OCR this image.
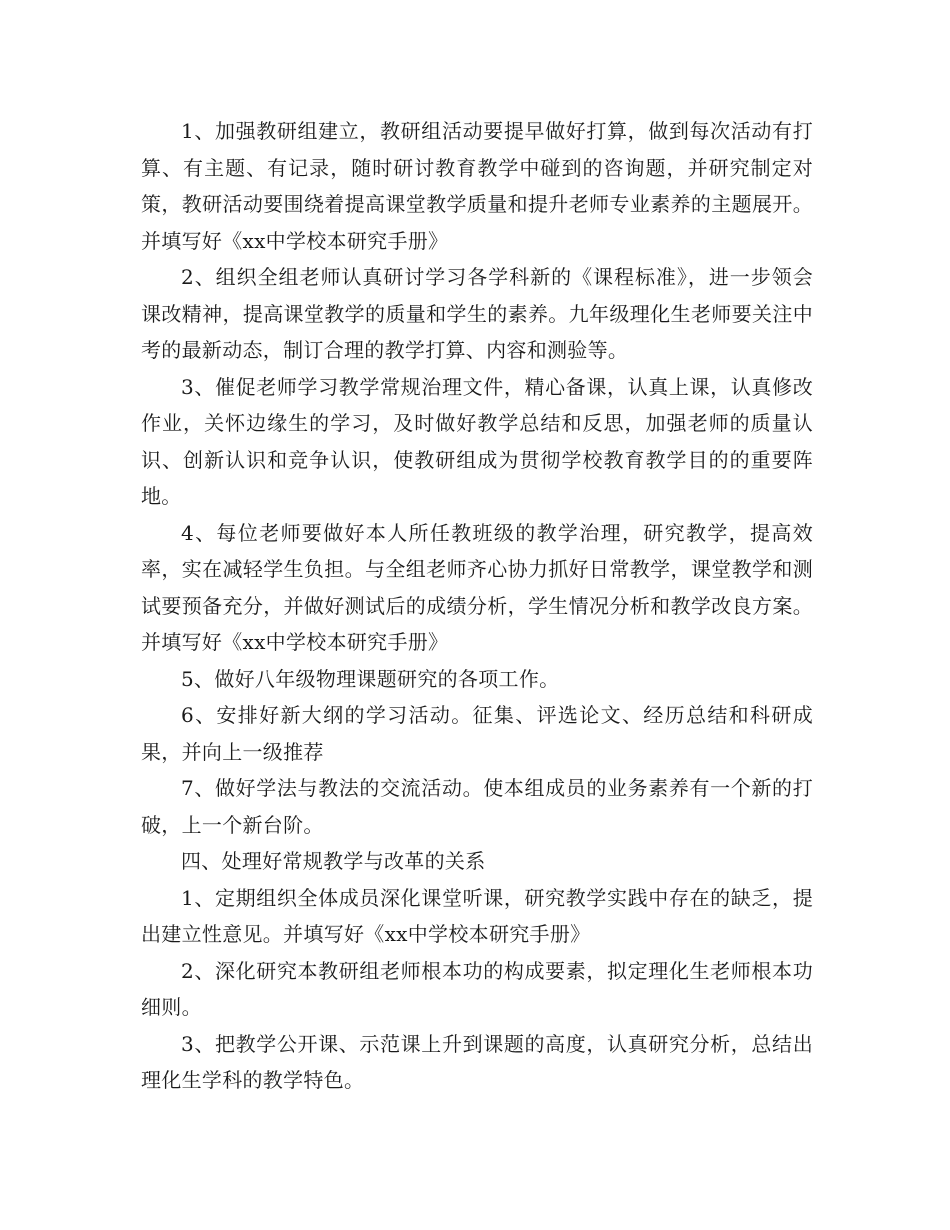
1、加强教研组建立，教研组活动要提早做好打算，做到每次活动有打算、有主题、有记录，随时研讨教育教学中碰到的咨询题，并研究制定对策，教研活动要围绕着提高课堂教学质量和提升老师专业素养的主题展开。并填写好《xx中学校本研究手册》

2、组织全组老师认真研讨学习各学科新的《课程标准》，进一步领会课改精神，提高课堂教学的质量和学生的素养。九年级理化生老师要关注中考的最新动态，制订合理的教学打算、内容和测验等。

3、催促老师学习教学常规治理文件，精心备课，认真上课，认真修改作业，关怀边缘生的学习，及时做好教学总结和反思，加强老师的质量认识、创新认识和竞争认识，使教研组成为贯彻学校教育教学目的的重要阵地。

4、每位老师要做好本人所任教班级的教学治理，研究教学，提高效率，实在减轻学生负担。与全组老师齐心协力抓好日常教学，课堂教学和测试要预备充分，并做好测试后的成绩分析，学生情况分析和教学改良方案。并填写好《xx中学校本研究手册》

5、做好八年级物理课题研究的各项工作。

6、安排好新大纲的学习活动。征集、评选论文、经历总结和科研成果，并向上一级推荐

7、做好学法与教法的交流活动。使本组成员的业务素养有一个新的打破，上一个新台阶。

四、处理好常规教学与改革的关系

1、定期组织全体成员深化课堂听课，研究教学实践中存在的缺乏，提出建立性意见。并填写好《xx中学校本研究手册》

2、深化研究本教研组老师根本功的构成要素，拟定理化生老师根本功细则。

3、把教学公开课、示范课上升到课题的高度，认真研究分析，总结出理化生学科的教学特色。
